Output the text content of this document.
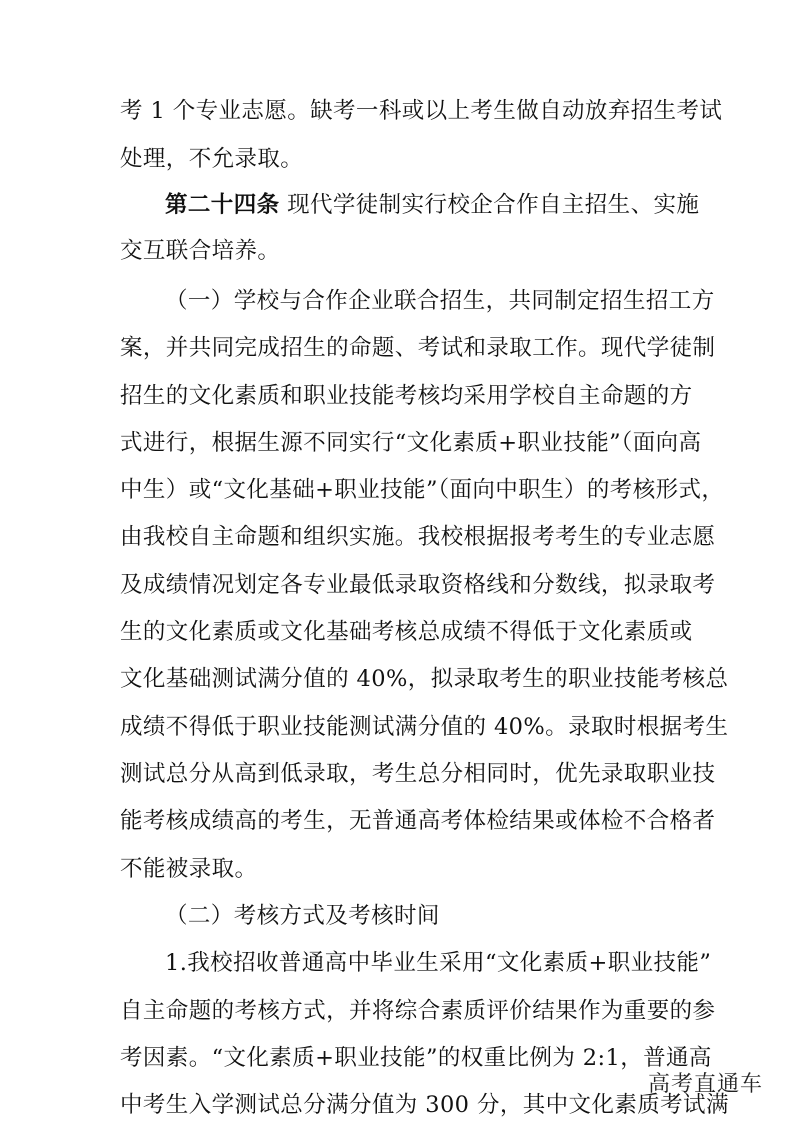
考 1 个专业志愿。缺考一科或以上考生做自动放弃招生考试
处理，不允录取。
第二十四条 现代学徒制实行校企合作自主招生、实施
交互联合培养。
（一）学校与合作企业联合招生，共同制定招生招工方
案，并共同完成招生的命题、考试和录取工作。现代学徒制
招生的文化素质和职业技能考核均采用学校自主命题的方
式进行，根据生源不同实行“文化素质+职业技能”（面向高
中生）或“文化基础+职业技能”（面向中职生）的考核形式，
由我校自主命题和组织实施。我校根据报考考生的专业志愿
及成绩情况划定各专业最低录取资格线和分数线，拟录取考
生的文化素质或文化基础考核总成绩不得低于文化素质或
文化基础测试满分值的 40%，拟录取考生的职业技能考核总
成绩不得低于职业技能测试满分值的 40%。录取时根据考生
测试总分从高到低录取，考生总分相同时，优先录取职业技
能考核成绩高的考生，无普通高考体检结果或体检不合格者
不能被录取。
（二）考核方式及考核时间
1.我校招收普通高中毕业生采用“文化素质+职业技能”
自主命题的考核方式，并将综合素质评价结果作为重要的参
考因素。“文化素质+职业技能”的权重比例为 2:1，普通高
中考生入学测试总分满分值为 300 分，其中文化素质考试满
高考直通车
